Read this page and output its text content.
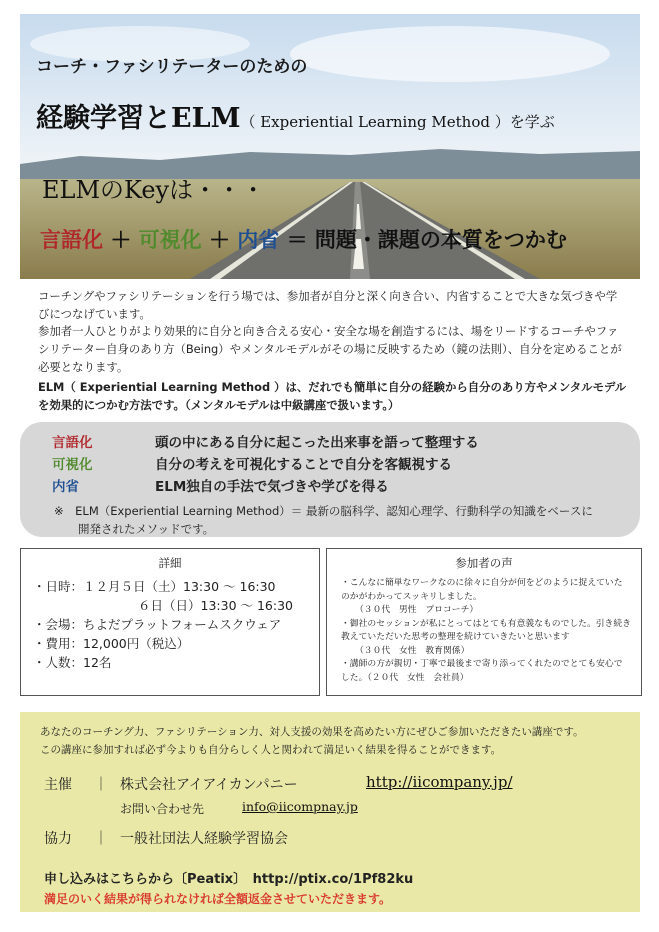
コーチ・ファシリテーターのための
経験学習とELM（ Experiential Learning Method ）を学ぶ
ELMのKeyは・・・
言語化 ＋ 可視化 ＋ 内省 ＝ 問題・課題の本質をつかむ
コーチングやファシリテーションを行う場では、参加者が自分と深く向き合い、内省することで大きな気づきや学びにつなげています。
参加者一人ひとりがより効果的に自分と向き合える安心・安全な場を創造するには、場をリードするコーチやファシリテーター自身のあり方（Being）やメンタルモデルがその場に反映するため（鏡の法則）、自分を定めることが必要となります。
ELM（ Experiential Learning Method ）は、だれでも簡単に自分の経験から自分のあり方やメンタルモデルを効果的につかむ方法です。（メンタルモデルは中級講座で扱います。）
言語化	頭の中にある自分に起こった出来事を語って整理する
可視化	自分の考えを可視化することで自分を客観視する
内省	ELM独自の手法で気づきや学びを得る
※　 ELM（Experiential Learning Method）＝ 最新の脳科学、認知心理学、行動科学の知識をベースに
開発されたメソッドです。
詳細
・日時：１２月５日（土）13:30 〜 16:30
６日（日）13:30 〜 16:30
・会場：ちよだプラットフォームスクウェア
・費用：12,000円（税込）
・人数：12名
参加者の声

・こんなに簡単なワークなのに徐々に自分が何をどのように捉えていたのかがわかってスッキリしました。

（３０代　男性　プロコーチ）

・御社のセッションが私にとってはとても有意義なものでした。引き続き教えていただいた思考の整理を続けていきたいと思います

（３０代　女性　教育関係）

・講師の方が親切・丁寧で最後まで寄り添ってくれたのでとても安心でした。（２０代　女性　会社員）

あなたのコーチング力、ファシリテーション力、対人支援の効果を高めたい方にぜひご参加いただきたい講座です。
この講座に参加すれば必ず今よりも自分らしく人と関われて満足いく結果を得ることができます。
主催 ｜ 株式会社アイアイカンパニー	http://iicompany.jp/
お問い合わせ先	info@iicompnay.jp
協力 ｜ 一般社団法人経験学習協会
申し込みはこちらから〔Peatix〕　http://ptix.co/1Pf82ku
満足のいく結果が得られなければ全額返金させていただきます。
